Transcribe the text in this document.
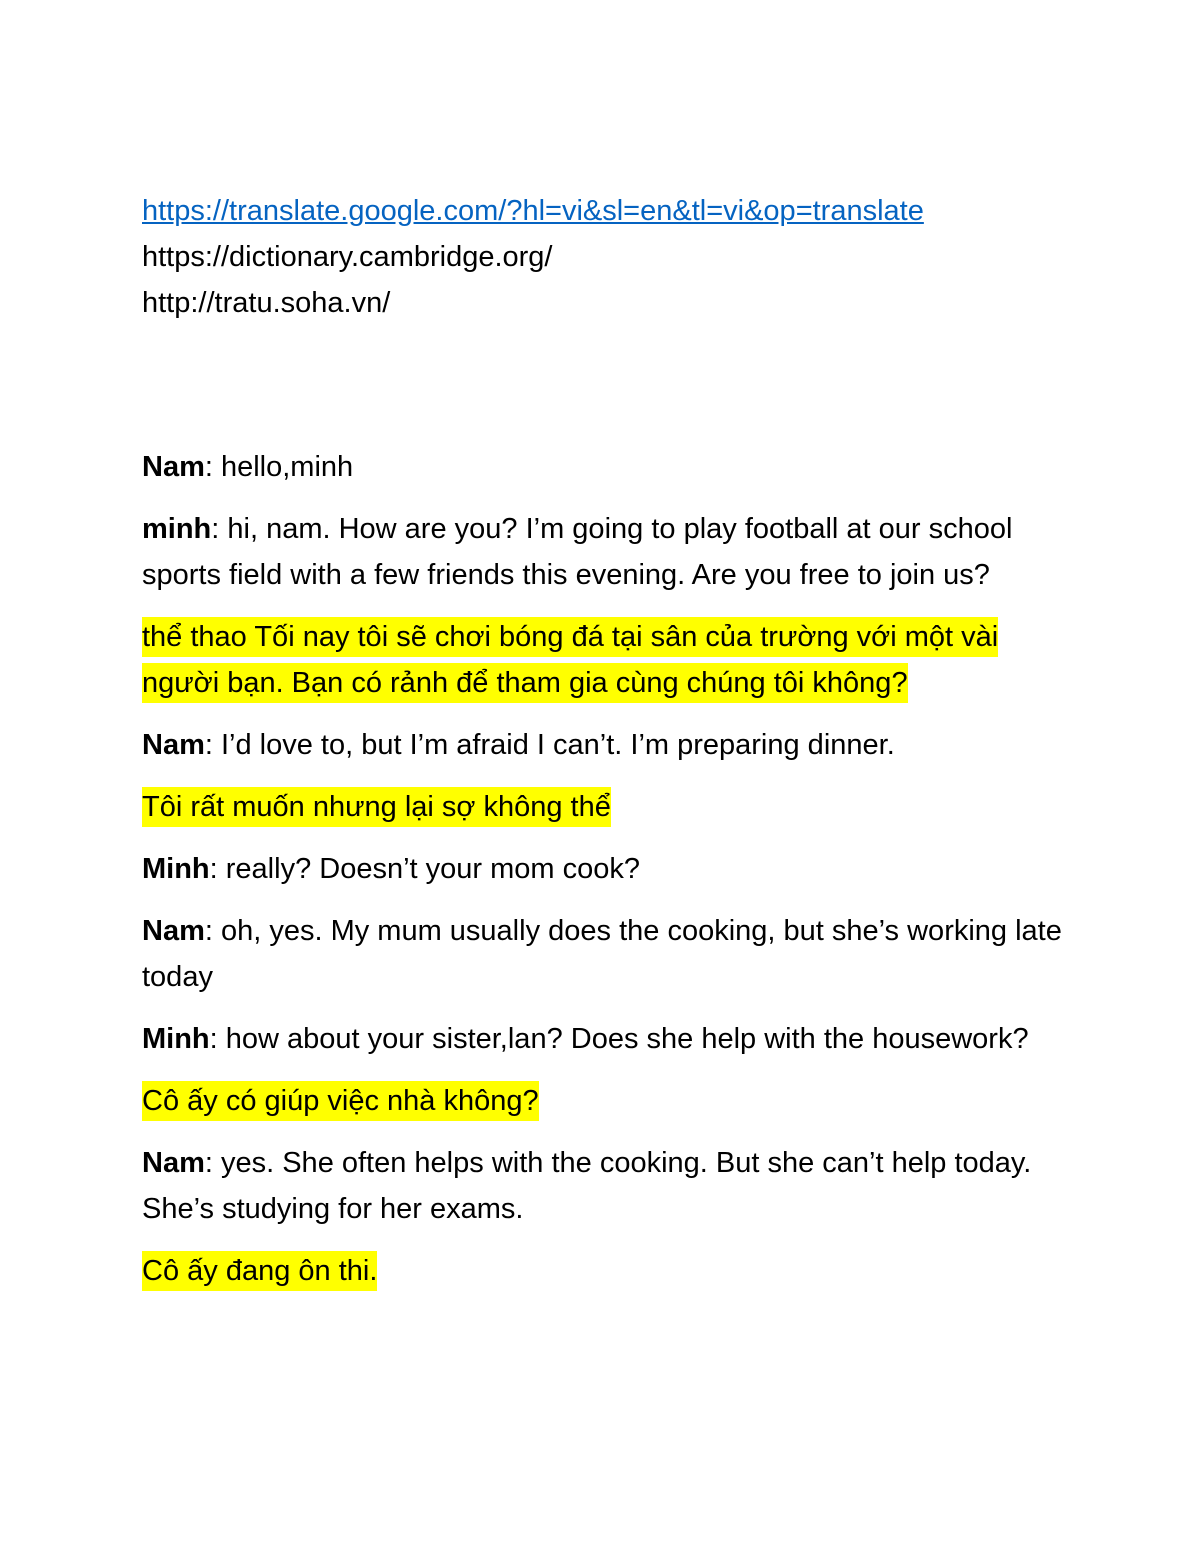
https://translate.google.com/?hl=vi&sl=en&tl=vi&op=translate

https://dictionary.cambridge.org/

http://tratu.soha.vn/

Nam: hello,minh

minh: hi, nam. How are you? I’m going to play football at our school sports field with a few friends this evening. Are you free to join us?

thể thao Tối nay tôi sẽ chơi bóng đá tại sân của trường với một vài người bạn. Bạn có rảnh để tham gia cùng chúng tôi không?

Nam: I’d love to, but I’m afraid I can’t. I’m preparing dinner.

Tôi rất muốn nhưng lại sợ không thể

Minh: really? Doesn’t your mom cook?

Nam: oh, yes. My mum usually does the cooking, but she’s working late today

Minh: how about your sister,lan? Does she help with the housework?

Cô ấy có giúp việc nhà không?

Nam: yes. She often helps with the cooking. But she can’t help today. She’s studying for her exams.

Cô ấy đang ôn thi.
